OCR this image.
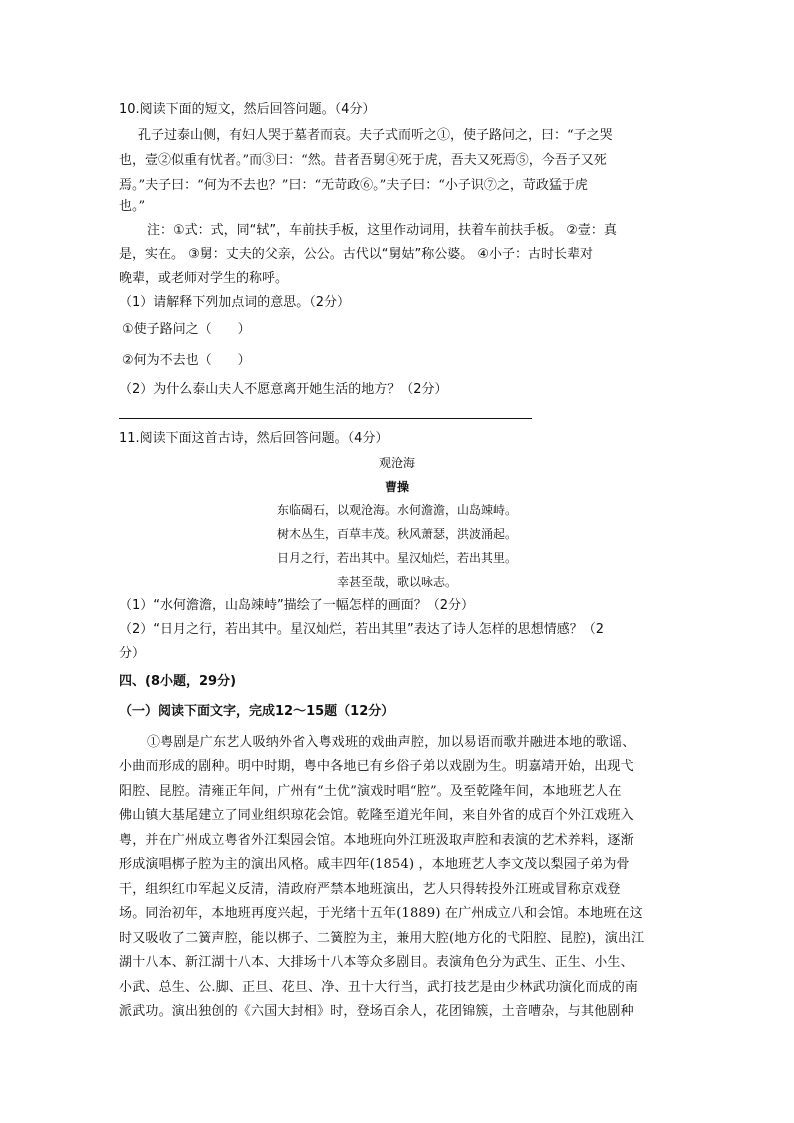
10.阅读下面的短文，然后回答问题。（4分）
孔子过泰山侧，有妇人哭于墓者而哀。夫子式而听之①，使子路问之，曰：“子之哭
也，壹②似重有忧者。”而③曰：“然。昔者吾舅④死于虎，吾夫又死焉⑤，今吾子又死
焉。”夫子曰：“何为不去也？”曰：“无苛政⑥。”夫子曰：“小子识⑦之，苛政猛于虎
也。”
注：①式：式，同“轼”，车前扶手板，这里作动词用，扶着车前扶手板。 ②壹：真
是，实在。 ③舅：丈夫的父亲，公公。古代以“舅姑”称公婆。 ④小子：古时长辈对
晚辈，或老师对学生的称呼。
（1）请解释下列加点词的意思。（2分）
①使子路问之（　　）
②何为不去也（　　）
（2）为什么泰山夫人不愿意离开她生活的地方？（2分）
11.阅读下面这首古诗，然后回答问题。（4分）
观沧海
曹操
东临碣石，以观沧海。水何澹澹，山岛竦峙。
树木丛生，百草丰茂。秋风萧瑟，洪波涌起。
日月之行，若出其中。星汉灿烂，若出其里。
幸甚至哉，歌以咏志。
（1）“水何澹澹，山岛竦峙”描绘了一幅怎样的画面？（2分）
（2）“日月之行，若出其中。星汉灿烂，若出其里”表达了诗人怎样的思想情感？（2
分）
四、(8小题，29分)
（一）阅读下面文字，完成12～15题（12分）
①粤剧是广东艺人吸纳外省入粤戏班的戏曲声腔，加以易语而歌并融进本地的歌谣、
小曲而形成的剧种。明中时期，粤中各地已有乡俗子弟以戏剧为生。明嘉靖开始，出现弋
阳腔、昆腔。清雍正年间，广州有“土优”演戏时唱“腔”。及至乾隆年间，本地班艺人在
佛山镇大基尾建立了同业组织琼花会馆。乾隆至道光年间，来自外省的成百个外江戏班入
粤，并在广州成立粤省外江梨园会馆。本地班向外江班汲取声腔和表演的艺术养料，逐渐
形成演唱梆子腔为主的演出风格。咸丰四年(1854) ，本地班艺人李文茂以梨园子弟为骨
干，组织红巾军起义反清，清政府严禁本地班演出，艺人只得转投外江班或冒称京戏登
场。同治初年，本地班再度兴起，于光绪十五年(1889) 在广州成立八和会馆。本地班在这
时又吸收了二簧声腔，能以梆子、二簧腔为主，兼用大腔(地方化的弋阳腔、昆腔)，演出江
湖十八本、新江湖十八本、大排场十八本等众多剧目。表演角色分为武生、正生、小生、
小武、总生、公.脚、正旦、花旦、净、丑十大行当，武打技艺是由少林武功演化而成的南
派武功。演出独创的《六国大封相》时，登场百余人，花团锦簇，土音嘈杂，与其他剧种
